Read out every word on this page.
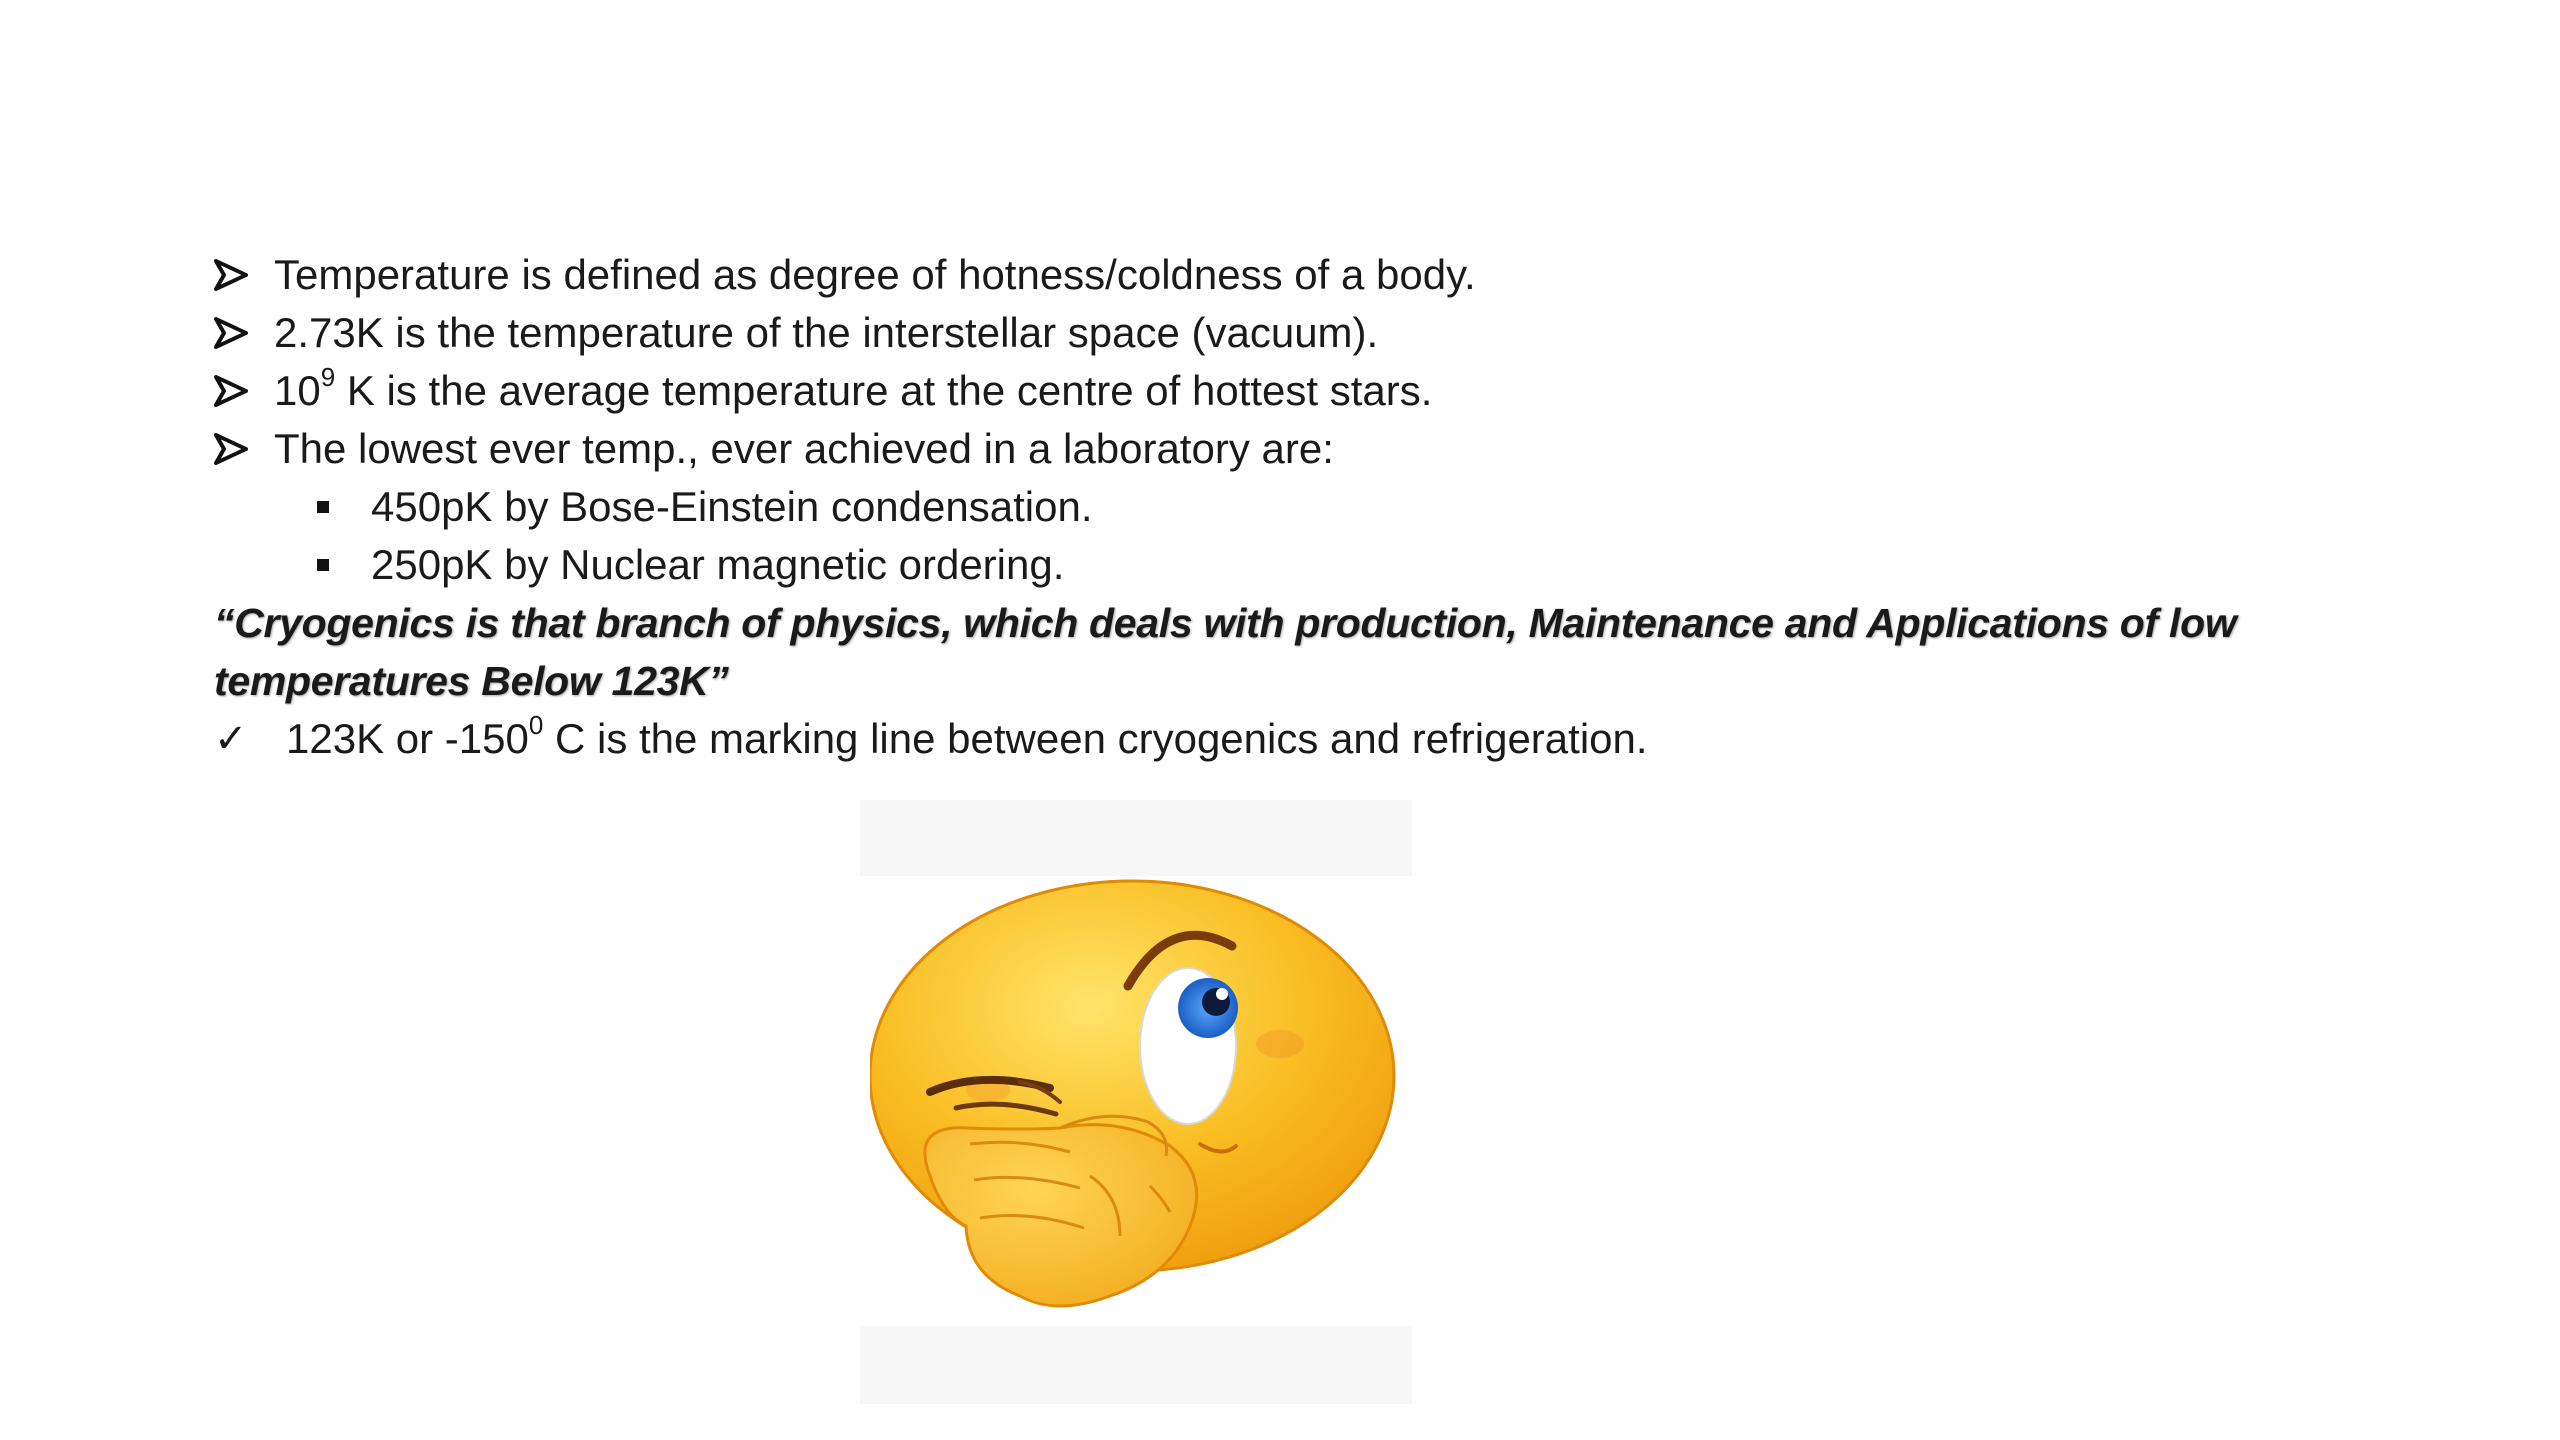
Temperature is defined as degree of hotness/coldness of a body.
2.73K is the temperature of the interstellar space (vacuum).
$10^9$ K is the average temperature at the centre of hottest stars.
The lowest ever temp., ever achieved in a laboratory are:
450pK by Bose-Einstein condensation.
250pK by Nuclear magnetic ordering.
“Cryogenics is that branch of physics, which deals with production, Maintenance and Applications of low temperatures Below 123K”
✓ 123K or $-150^0$ C is the marking line between cryogenics and refrigeration.
